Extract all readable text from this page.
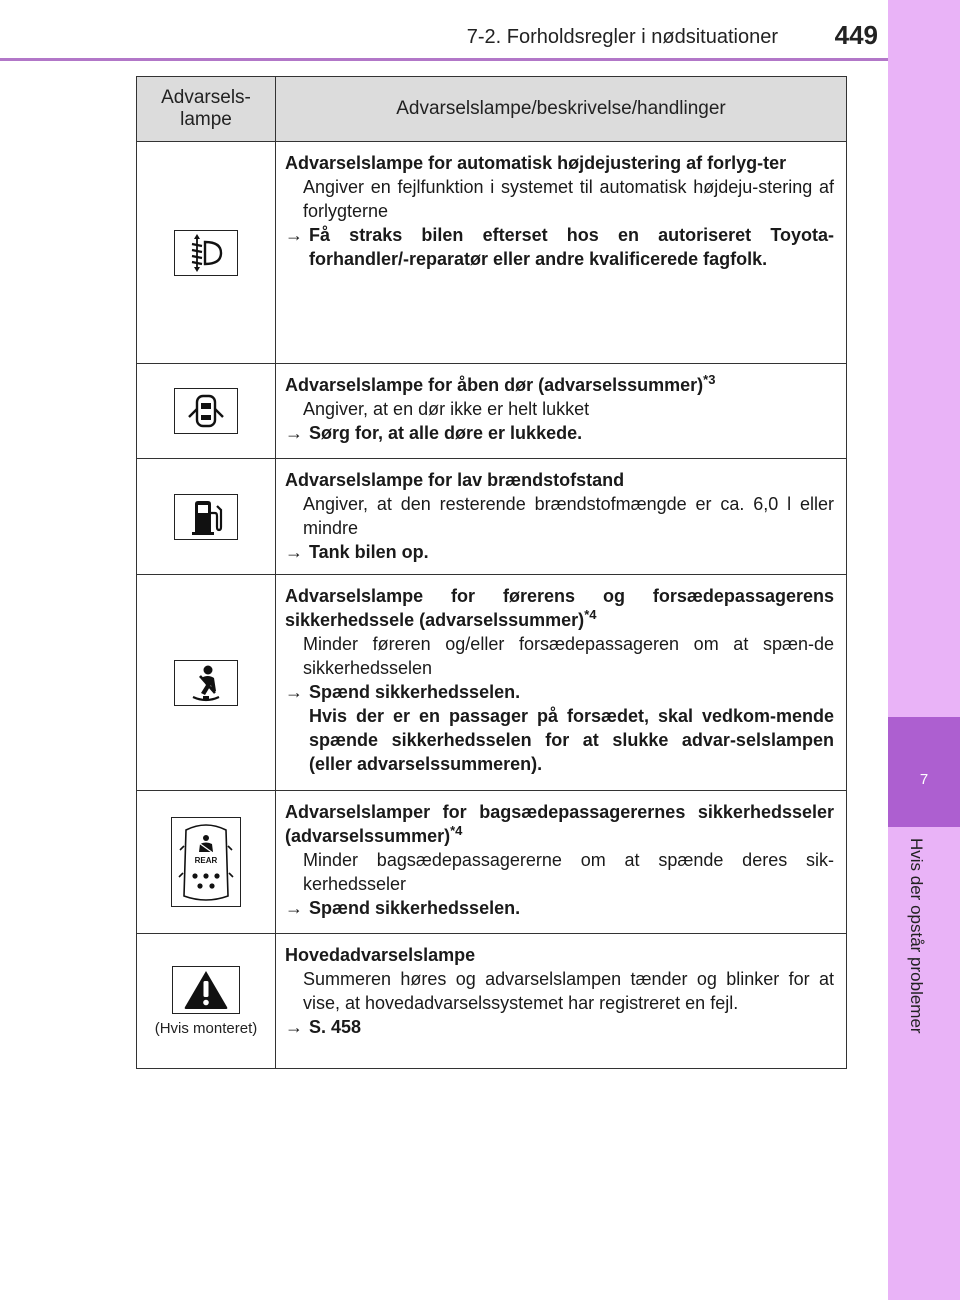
7-2. Forholdsregler i nødsituationer 449
7
Hvis der opstår problemer
Advarsels-
lampe	Advarselslampe/beskrivelse/handlinger

Advarselslampe for automatisk højdejustering af forlyg-ter
Angiver en fejlfunktion i systemet til automatisk højdeju-stering af forlygterne
→ Få straks bilen efterset hos en autoriseret Toyota-forhandler/-reparatør eller andre kvalificerede fagfolk.

Advarselslampe for åben dør (advarselssummer)$^{*3}$
Angiver, at en dør ikke er helt lukket
→ Sørg for, at alle døre er lukkede.

Advarselslampe for lav brændstofstand
Angiver, at den resterende brændstofmængde er ca. 6,0 l eller mindre
→ Tank bilen op.

Advarselslampe for førerens og forsædepassagerens sikkerhedssele (advarselssummer)$^{*4}$
Minder føreren og/eller forsædepassageren om at spæn-de sikkerhedsselen
→ Spænd sikkerhedsselen.
Hvis der er en passager på forsædet, skal vedkom-mende spænde sikkerhedsselen for at slukke advar-selslampen (eller advarselssummeren).

REAR	Advarselslamper for bagsædepassagerernes sikkerhedsseler (advarselssummer)$^{*4}$
Minder bagsædepassagererne om at spænde deres sik-kerhedsseler
→ Spænd sikkerhedsselen.

(Hvis monteret)	Hovedadvarselslampe
Summeren høres og advarselslampen tænder og blinker for at vise, at hovedadvarselssystemet har registreret en fejl.
→ S. 458
